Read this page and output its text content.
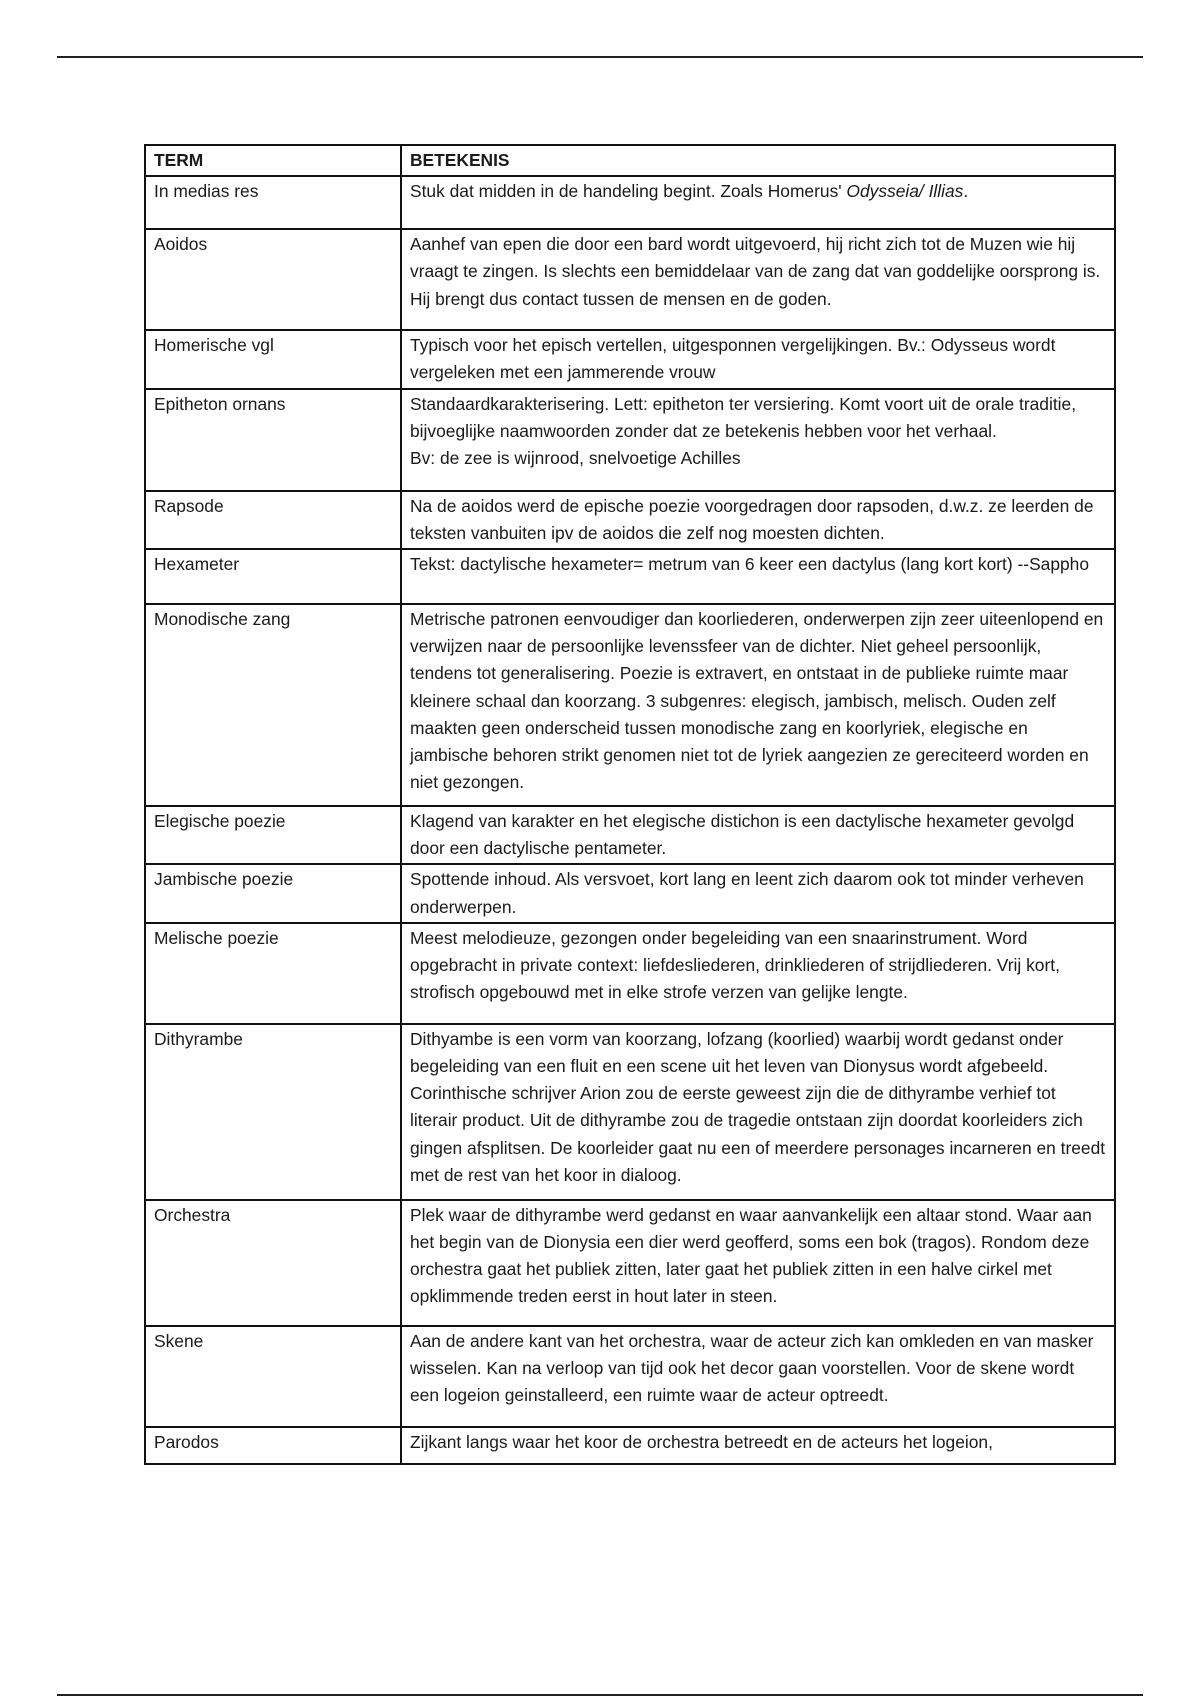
TERM	BETEKENIS
In medias res	Stuk dat midden in de handeling begint. Zoals Homerus' Odysseia/ Illias.

Aoidos	Aanhef van epen die door een bard wordt uitgevoerd, hij richt zich tot de Muzen wie hij vraagt te zingen. Is slechts een bemiddelaar van de zang dat van goddelijke oorsprong is. Hij brengt dus contact tussen de mensen en de goden.

Homerische vgl	Typisch voor het episch vertellen, uitgesponnen vergelijkingen. Bv.: Odysseus wordt vergeleken met een jammerende vrouw

Epitheton ornans	Standaardkarakterisering. Lett: epitheton ter versiering. Komt voort uit de orale traditie, bijvoeglijke naamwoorden zonder dat ze betekenis hebben voor het verhaal.
Bv: de zee is wijnrood, snelvoetige Achilles

Rapsode	Na de aoidos werd de epische poezie voorgedragen door rapsoden, d.w.z. ze leerden de teksten vanbuiten ipv de aoidos die zelf nog moesten dichten.

Hexameter	Tekst: dactylische hexameter= metrum van 6 keer een dactylus (lang kort kort) --Sappho

Monodische zang	Metrische patronen eenvoudiger dan koorliederen, onderwerpen zijn zeer uiteenlopend en verwijzen naar de persoonlijke levenssfeer van de dichter. Niet geheel persoonlijk, tendens tot generalisering. Poezie is extravert, en ontstaat in de publieke ruimte maar kleinere schaal dan koorzang. 3 subgenres: elegisch, jambisch, melisch. Ouden zelf maakten geen onderscheid tussen monodische zang en koorlyriek, elegische en jambische behoren strikt genomen niet tot de lyriek aangezien ze gereciteerd worden en niet gezongen.

Elegische poezie	Klagend van karakter en het elegische distichon is een dactylische hexameter gevolgd door een dactylische pentameter.

Jambische poezie	Spottende inhoud. Als versvoet, kort lang en leent zich daarom ook tot minder verheven onderwerpen.

Melische poezie	Meest melodieuze, gezongen onder begeleiding van een snaarinstrument. Word opgebracht in private context: liefdesliederen, drinkliederen of strijdliederen. Vrij kort, strofisch opgebouwd met in elke strofe verzen van gelijke lengte.

Dithyrambe	Dithyambe is een vorm van koorzang, lofzang (koorlied) waarbij wordt gedanst onder begeleiding van een fluit en een scene uit het leven van Dionysus wordt afgebeeld. Corinthische schrijver Arion zou de eerste geweest zijn die de dithyrambe verhief tot literair product. Uit de dithyrambe zou de tragedie ontstaan zijn doordat koorleiders zich gingen afsplitsen. De koorleider gaat nu een of meerdere personages incarneren en treedt met de rest van het koor in dialoog.

Orchestra	Plek waar de dithyrambe werd gedanst en waar aanvankelijk een altaar stond. Waar aan het begin van de Dionysia een dier werd geofferd, soms een bok (tragos). Rondom deze orchestra gaat het publiek zitten, later gaat het publiek zitten in een halve cirkel met opklimmende treden eerst in hout later in steen.

Skene	Aan de andere kant van het orchestra, waar de acteur zich kan omkleden en van masker wisselen. Kan na verloop van tijd ook het decor gaan voorstellen. Voor de skene wordt een logeion geinstalleerd, een ruimte waar de acteur optreedt.

Parodos	Zijkant langs waar het koor de orchestra betreedt en de acteurs het logeion,
